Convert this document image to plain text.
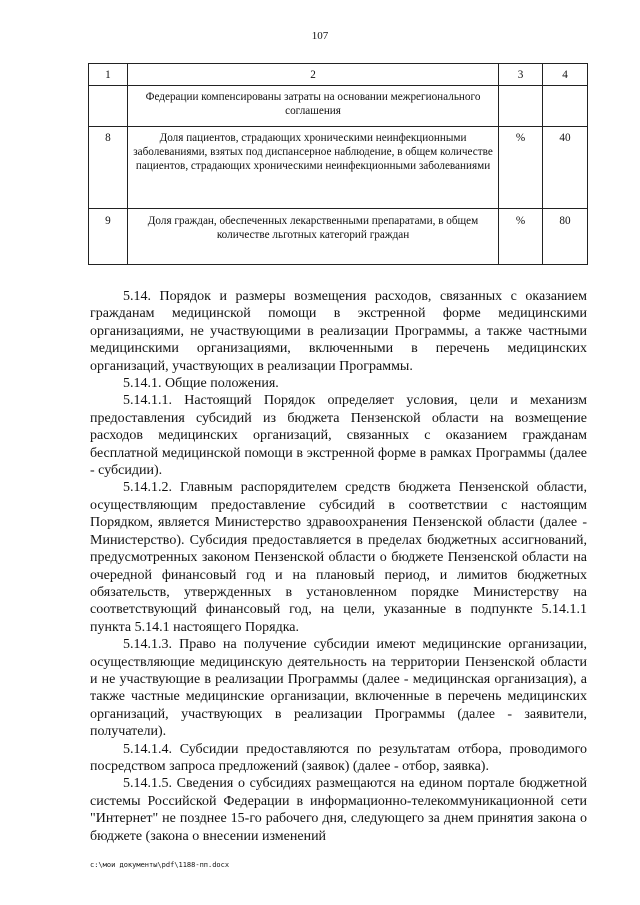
107
1	2	3	4
	Федерации компенсированы затраты на основании межрегионального соглашения		
8	Доля пациентов, страдающих хроническими неинфекционными заболеваниями, взятых под диспансерное наблюдение, в общем количестве пациентов, страдающих хроническими неинфекционными заболеваниями	%	40
9	Доля граждан, обеспеченных лекарственными препаратами, в общем количестве льготных категорий граждан	%	80

5.14. Порядок и размеры возмещения расходов, связанных с оказанием гражданам медицинской помощи в экстренной форме медицинскими организациями, не участвующими в реализации Программы, а также частными медицинскими организациями, включенными в перечень медицинских организаций, участвующих в реализации Программы.

5.14.1. Общие положения.

5.14.1.1. Настоящий Порядок определяет условия, цели и механизм предоставления субсидий из бюджета Пензенской области на возмещение расходов медицинских организаций, связанных с оказанием гражданам бесплатной медицинской помощи в экстренной форме в рамках Программы (далее - субсидии).

5.14.1.2. Главным распорядителем средств бюджета Пензенской области, осуществляющим предоставление субсидий в соответствии с настоящим Порядком, является Министерство здравоохранения Пензенской области (далее - Министерство). Субсидия предоставляется в пределах бюджетных ассигнований, предусмотренных законом Пензенской области о бюджете Пензенской области на очередной финансовый год и на плановый период, и лимитов бюджетных обязательств, утвержденных в установленном порядке Министерству на соответствующий финансовый год, на цели, указанные в подпункте 5.14.1.1 пункта 5.14.1 настоящего Порядка.

5.14.1.3. Право на получение субсидии имеют медицинские организации, осуществляющие медицинскую деятельность на территории Пензенской области и не участвующие в реализации Программы (далее - медицинская организация), а также частные медицинские организации, включенные в перечень медицинских организаций, участвующих в реализации Программы (далее - заявители, получатели).

5.14.1.4. Субсидии предоставляются по результатам отбора, проводимого посредством запроса предложений (заявок) (далее - отбор, заявка).

5.14.1.5. Сведения о субсидиях размещаются на едином портале бюджетной системы Российской Федерации в информационно-телекоммуникационной сети "Интернет" не позднее 15-го рабочего дня, следующего за днем принятия закона о бюджете (закона о внесении изменений

c:\мои документы\pdf\1188-пп.docx
